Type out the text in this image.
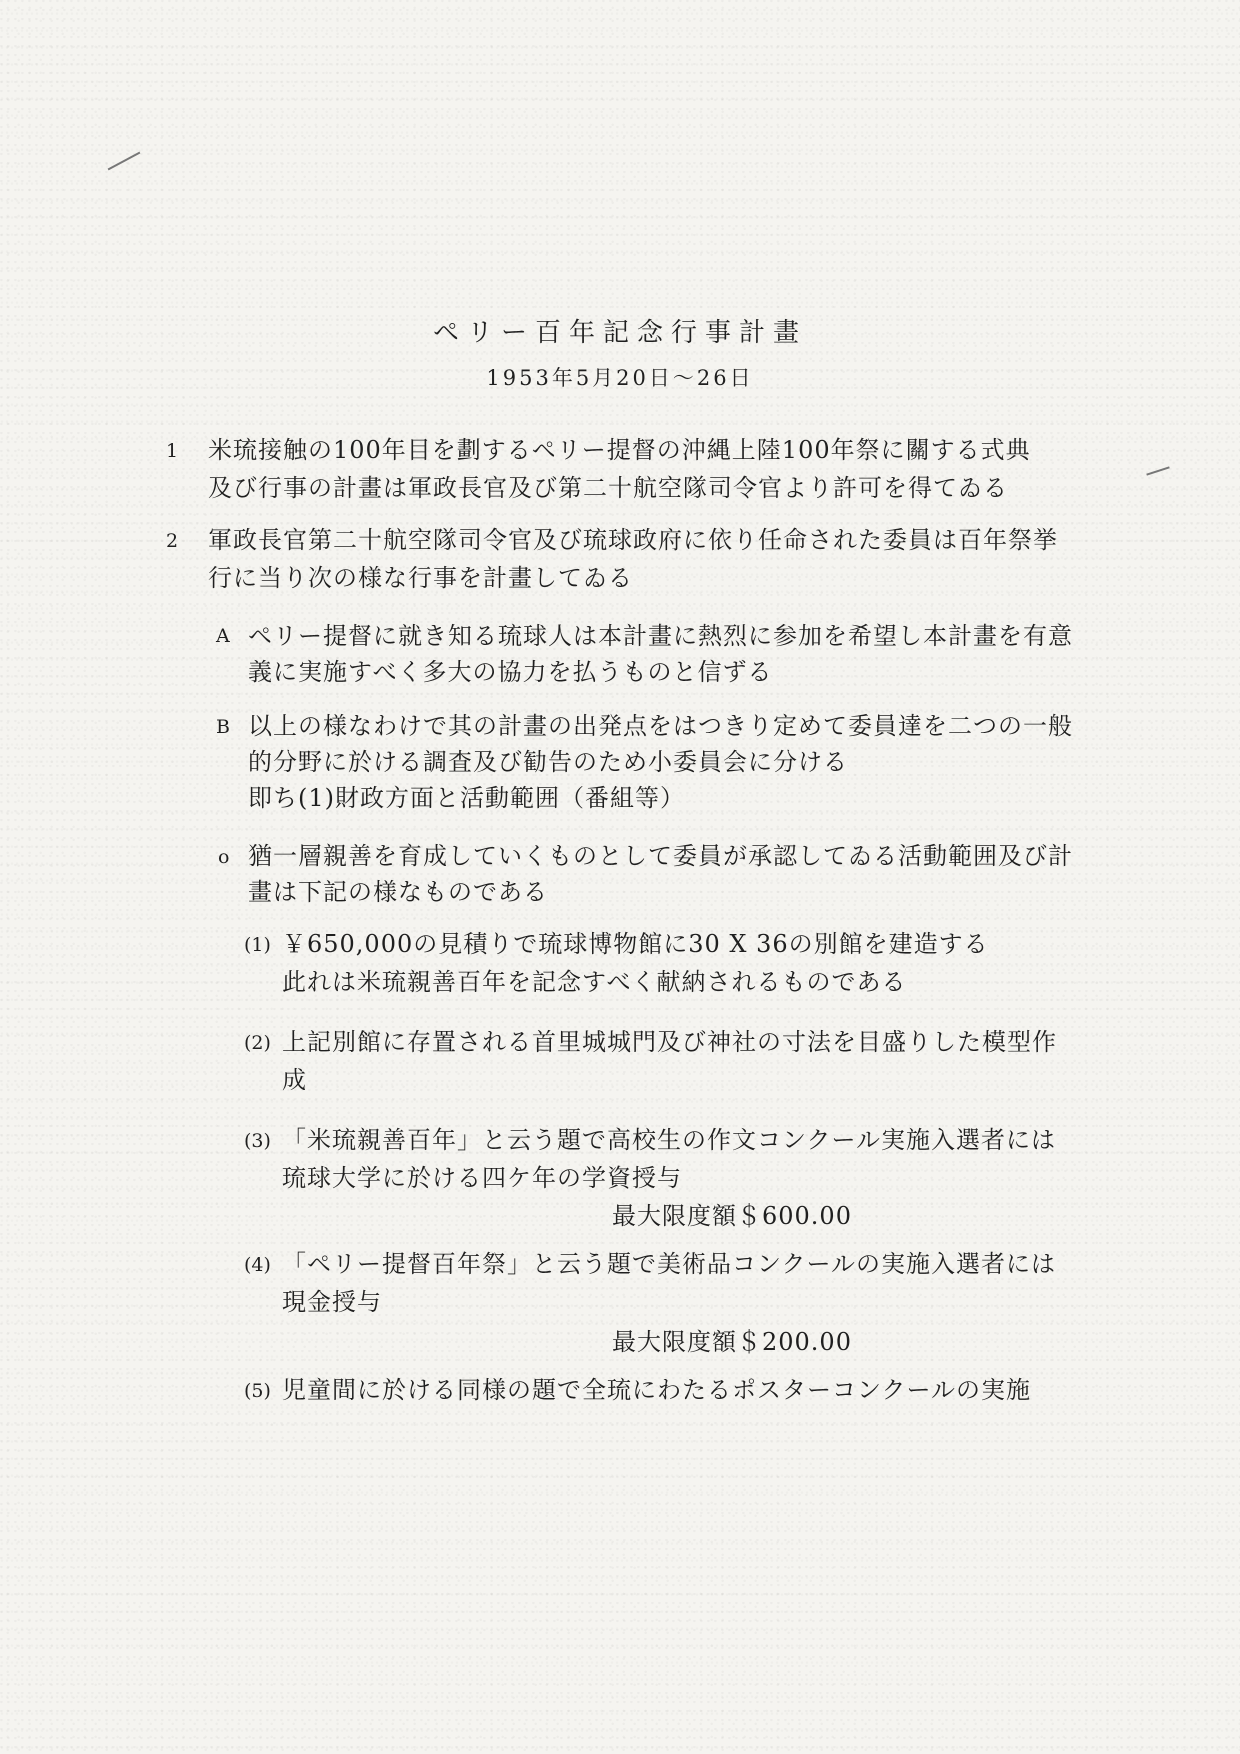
ペリー百年記念行事計畫
1953年5月20日〜26日
1 米琉接触の100年目を劃するペリー提督の沖縄上陸100年祭に關する式典
及び行事の計畫は軍政長官及び第二十航空隊司令官より許可を得てゐる
2 軍政長官第二十航空隊司令官及び琉球政府に依り任命された委員は百年祭挙
行に当り次の様な行事を計畫してゐる
A ペリー提督に就き知る琉球人は本計畫に熱烈に参加を希望し本計畫を有意
義に実施すべく多大の協力を払うものと信ずる
B 以上の様なわけで其の計畫の出発点をはつきり定めて委員達を二つの一般
的分野に於ける調査及び勧告のため小委員会に分ける
即ち(1)財政方面と活動範囲（番組等）
o 猶一層親善を育成していくものとして委員が承認してゐる活動範囲及び計
畫は下記の様なものである
(1) ￥650,000の見積りで琉球博物館に30 X 36の別館を建造する
此れは米琉親善百年を記念すべく献納されるものである
(2) 上記別館に存置される首里城城門及び神社の寸法を目盛りした模型作
成
(3) 「米琉親善百年」と云う題で高校生の作文コンクール実施入選者には
琉球大学に於ける四ケ年の学資授与
最大限度額＄600.00
(4) 「ペリー提督百年祭」と云う題で美術品コンクールの実施入選者には
現金授与
最大限度額＄200.00
(5) 児童間に於ける同様の題で全琉にわたるポスターコンクールの実施
